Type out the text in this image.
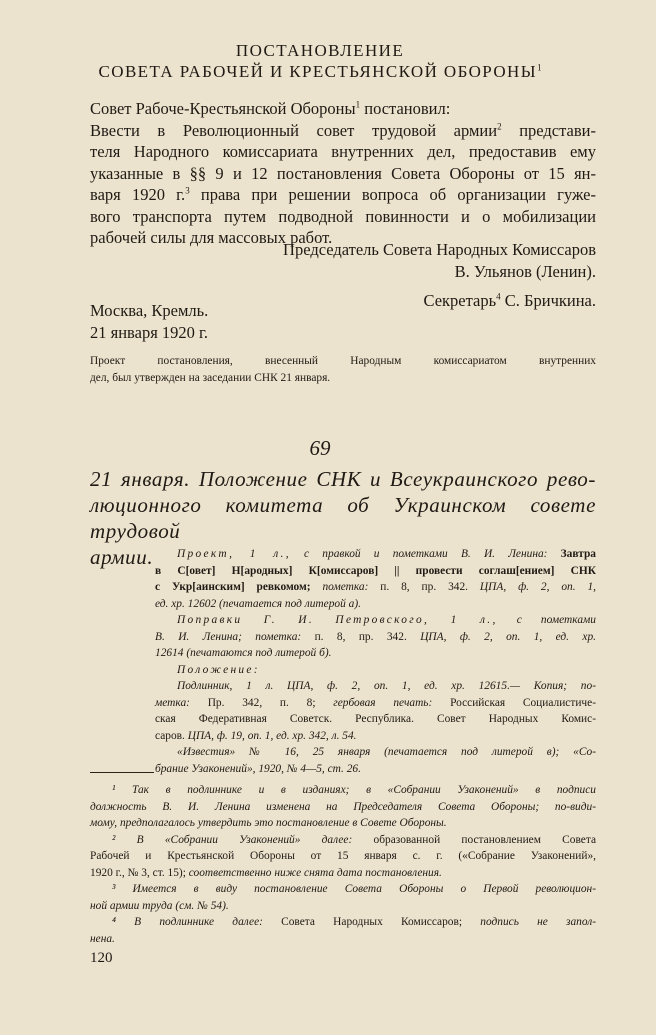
ПОСТАНОВЛЕНИЕ
СОВЕТА РАБОЧЕЙ И КРЕСТЬЯНСКОЙ ОБОРОНЫ$^1$
Совет Рабоче-Крестьянской Обороны$^1$ постановил:
Ввести в Революционный совет трудовой армии$^2$ представи-
теля Народного комиссариата внутренних дел, предоставив ему
указанные в §§ 9 и 12 постановления Совета Обороны от 15 ян-
варя 1920 г.$^3$ права при решении вопроса об организации гуже-
вого транспорта путем подводной повинности и о мобилизации
рабочей силы для массовых работ.
Председатель Совета Народных Комиссаров
В. Ульянов (Ленин).
Секретарь$^4$ С. Бричкина.
Москва, Кремль.
21 января 1920 г.
Проект постановления, внесенный Народным комиссариатом внутренних
дел, был утвержден на заседании СНК 21 января.
69
21 января. Положение СНК и Всеукраинского рево-
люционного комитета об Украинском совете трудовой
армии.	Проект, 1 л., с правкой и пометками В. И. Ленина: Завтра
в С[овет] Н[ародных] К[омиссаров] || провести соглаш[ением] СНК
с Укр[аинским] ревкомом; пометка: п. 8, пр. 342. ЦПА, ф. 2, оп. 1,
ед. хр. 12602 (печатается под литерой а).
Поправки Г. И. Петровского, 1 л., с пометками
В. И. Ленина; пометка: п. 8, пр. 342. ЦПА, ф. 2, оп. 1, ед. хр.
12614 (печатаются под литерой б).
Положение:
Подлинник, 1 л. ЦПА, ф. 2, оп. 1, ед. хр. 12615.— Копия; по-
метка: Пр. 342, п. 8; гербовая печать: Российская Социалистиче-
ская Федеративная Советск. Республика. Совет Народных Комис-
саров. ЦПА, ф. 19, оп. 1, ед. хр. 342, л. 54.
«Известия» № 16, 25 января (печатается под литерой в); «Со-
брание Узаконений», 1920, № 4—5, ст. 26.
¹ Так в подлиннике и в изданиях; в «Собрании Узаконений» в подписи
должность В. И. Ленина изменена на Председателя Совета Обороны; по-види-
мому, предполагалось утвердить это постановление в Совете Обороны.
² В «Собрании Узаконений» далее: образованной постановлением Совета
Рабочей и Крестьянской Обороны от 15 января с. г. («Собрание Узаконений»,
1920 г., № 3, ст. 15); соответственно ниже снята дата постановления.
³ Имеется в виду постановление Совета Обороны о Первой революцион-
ной армии труда (см. № 54).
⁴ В подлиннике далее: Совета Народных Комиссаров; подпись не запол-
нена.
120
